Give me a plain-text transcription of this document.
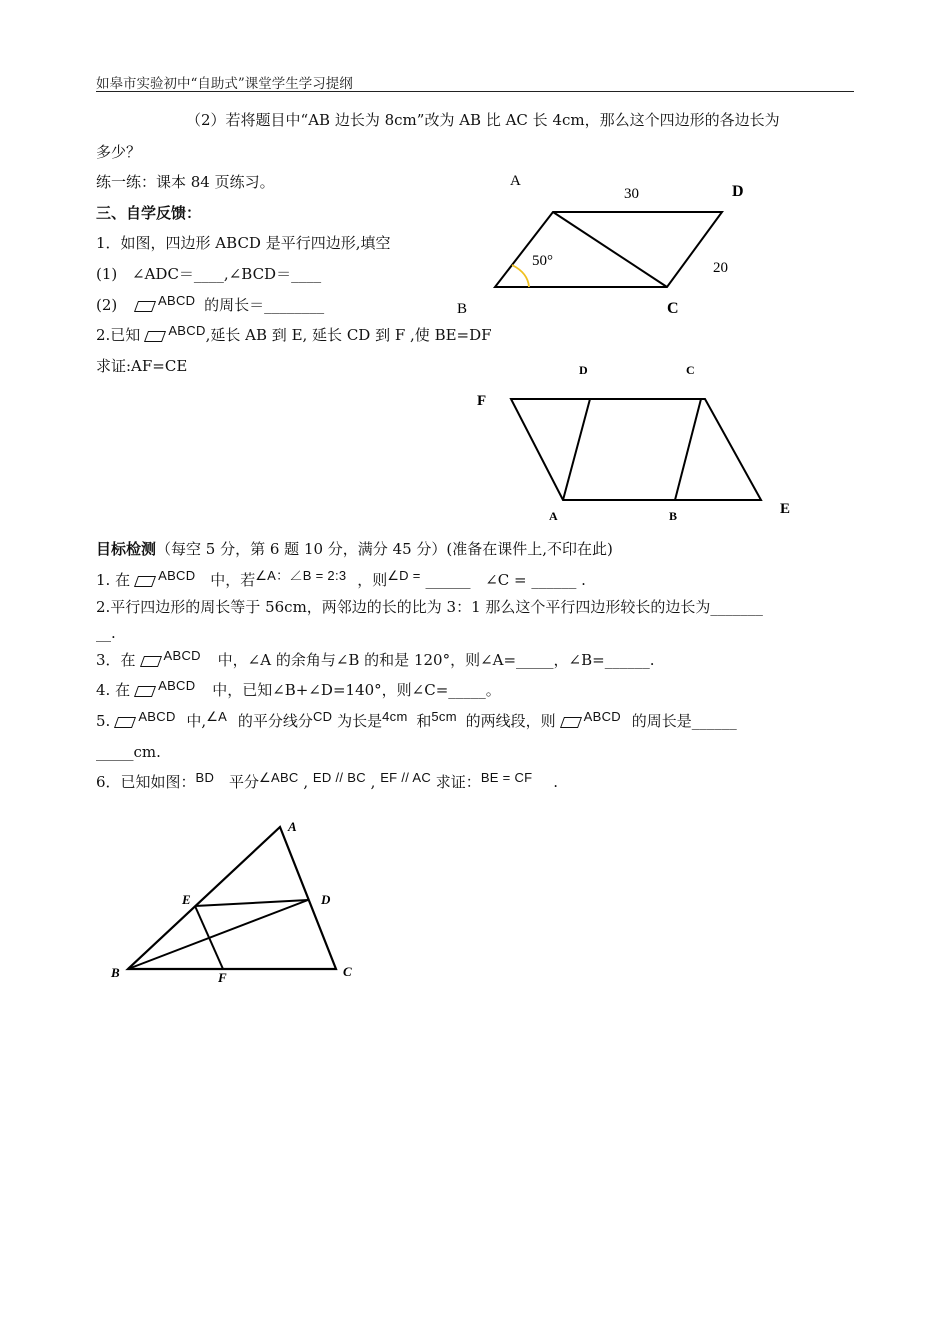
如皋市实验初中“自助式”课堂学生学习提纲
（2）若将题目中“AB 边长为 8cm”改为 AB 比 AC 长 4cm，那么这个四边形的各边长为
多少？
练一练：课本 84 页练习。
三、自学反馈：
1．如图，四边形 ABCD 是平行四边形,填空
(1) ∠ADC＝____,∠BCD＝____
(2)	ABCD 的周长＝________
2.已知 ABCD,延长 AB 到 E, 延长 CD 到 F ,使 BE=DF
求证:AF=CE
A
30	D
50°	20
B	C
D	C
F
A	B	E
目标检测（每空 5 分，第 6 题 10 分，满分 45 分）(准备在课件上,不印在此)
1. 在 ABCD 中，若∠A：∠B = 2:3 ，则∠D = ______ ∠C = ______ .
2.平行四边形的周长等于 56cm，两邻边的长的比为 3：1 那么这个平行四边形较长的边长为_______
__.
3．在 ABCD 中，∠A 的余角与∠B 的和是 120°，则∠A=_____，∠B=______.
4. 在 ABCD 中，已知∠B+∠D=140°，则∠C=_____。
5. ABCD 中,∠A 的平分线分CD 为长是4cm 和5cm 的两线段，则 ABCD 的周长是______
_____cm.
6．已知如图：BD 平分∠ABC , ED // BC , EF // AC 求证：BE = CF .
A
E	D
B	F	C
